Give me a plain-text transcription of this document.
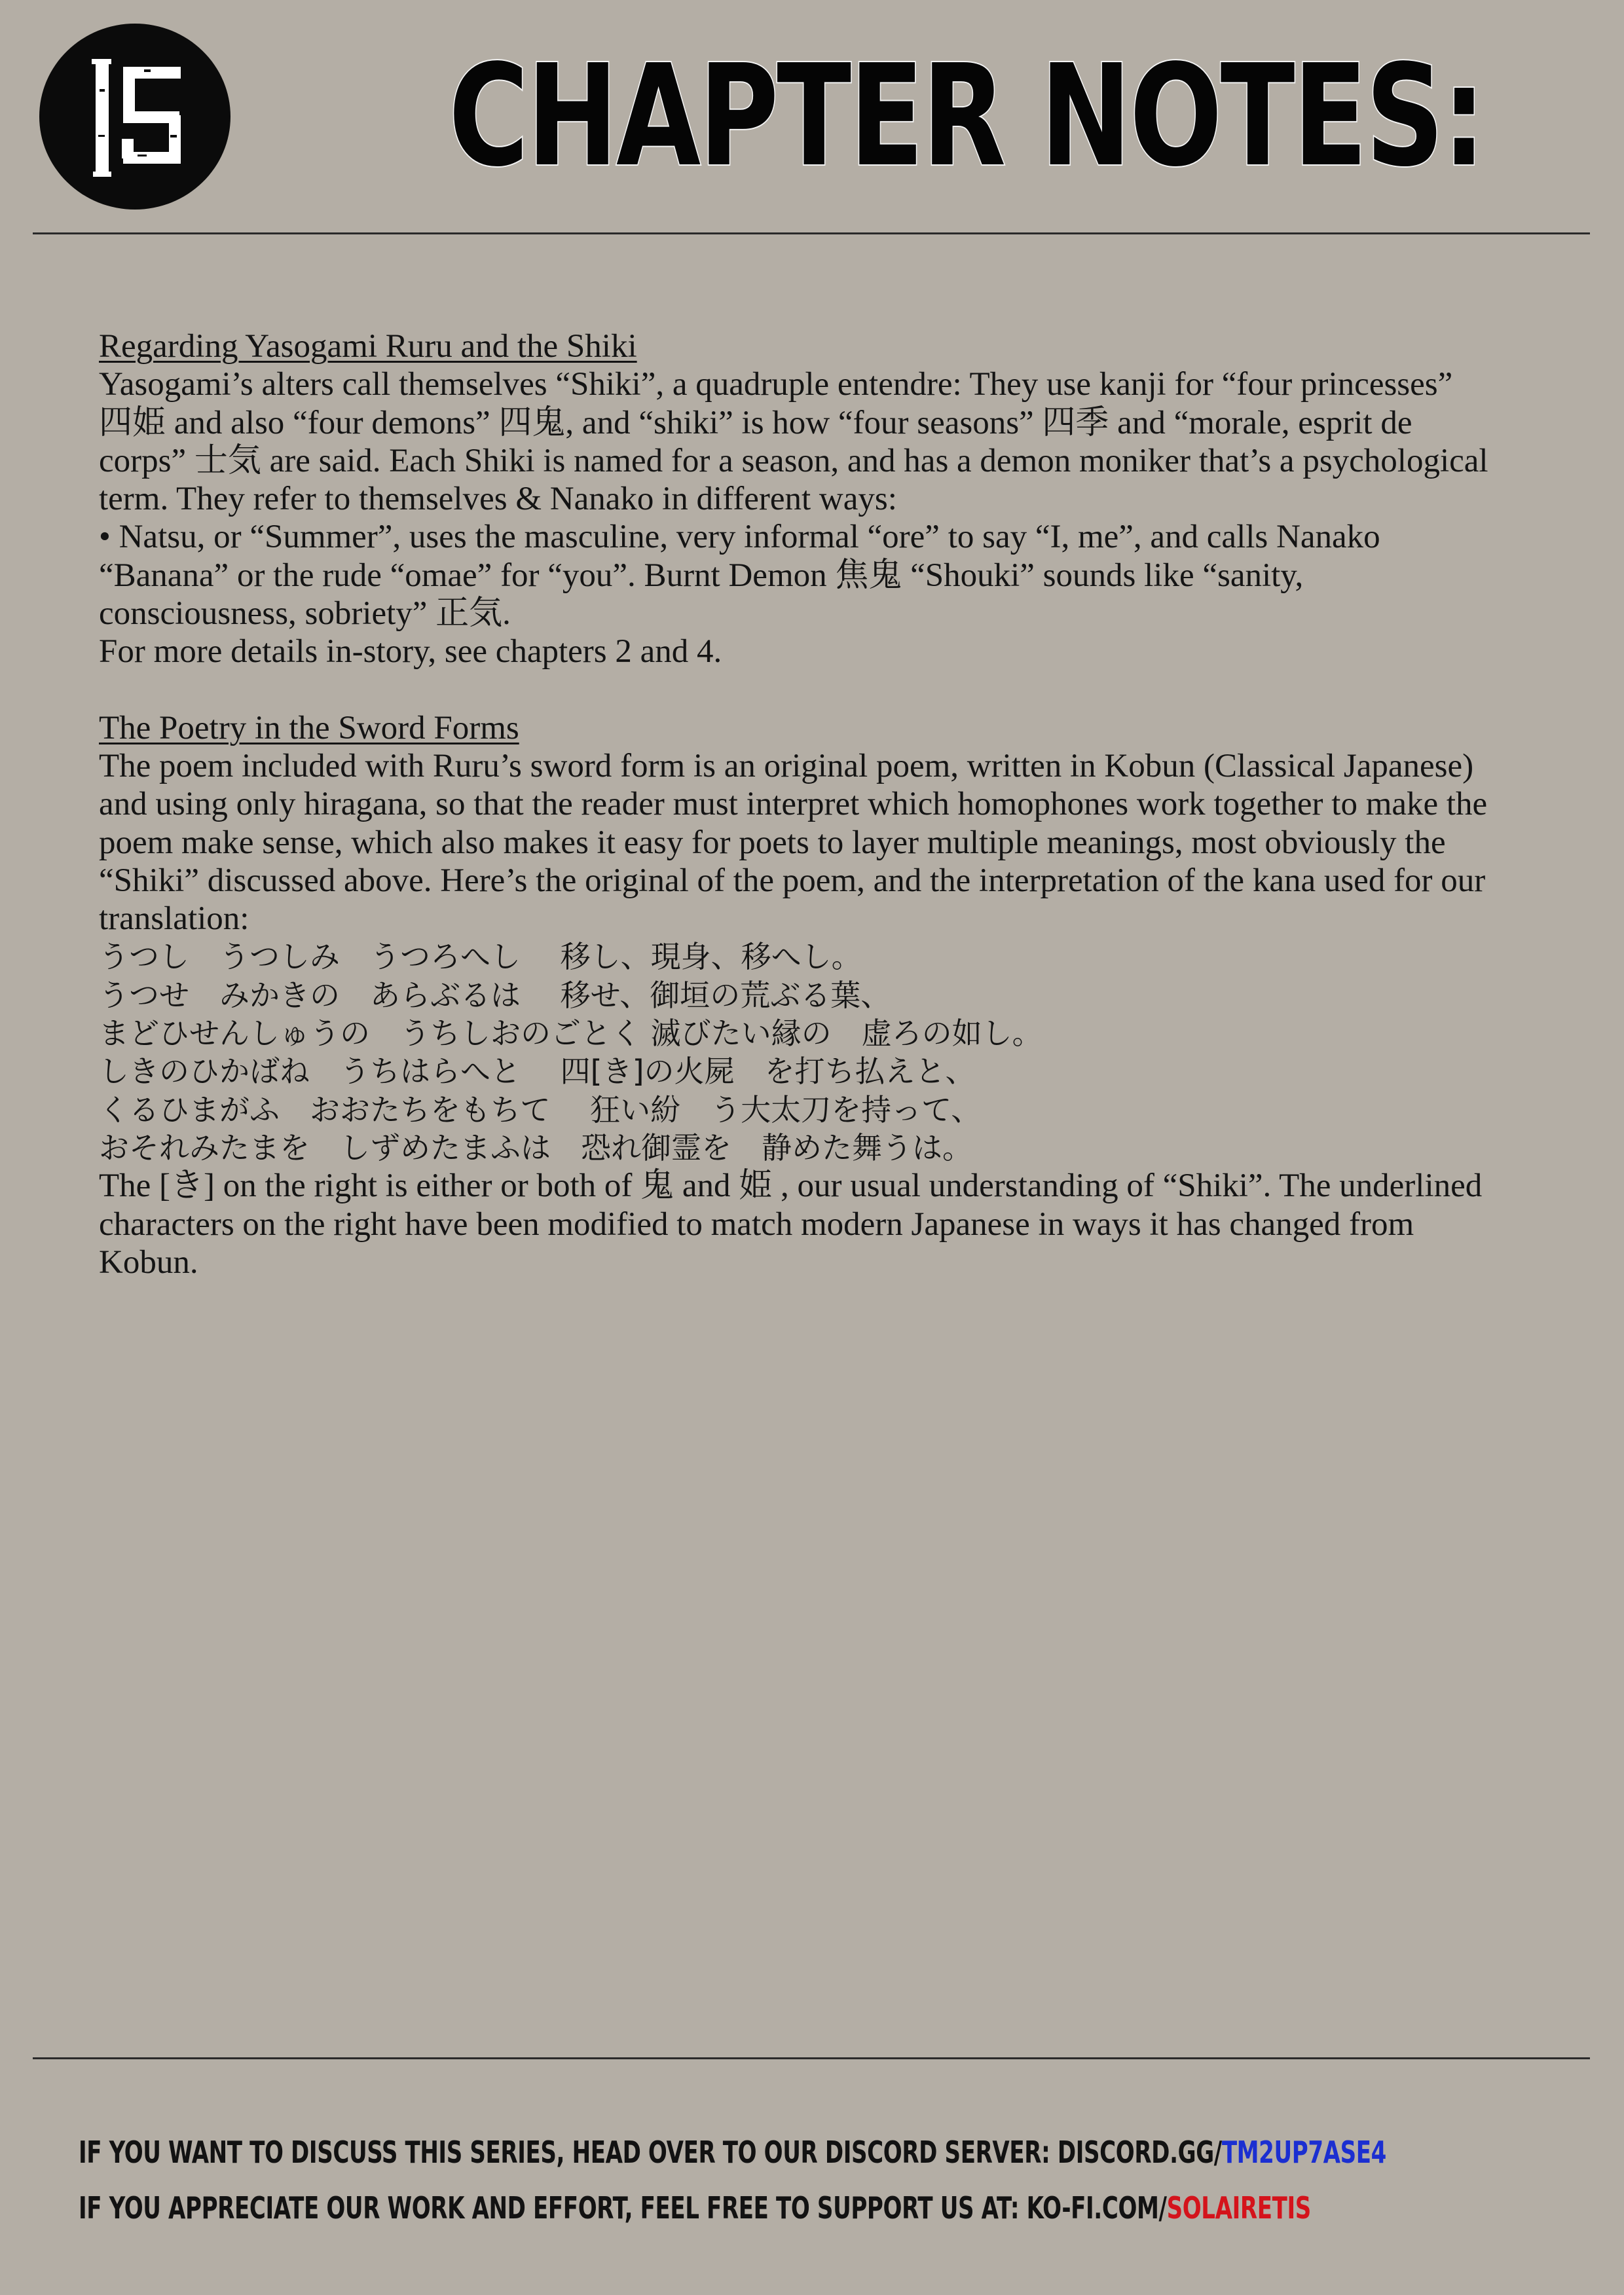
CHAPTER NOTES:
Regarding Yasogami Ruru and the Shiki

Yasogami’s alters call themselves “Shiki”, a quadruple entendre: They use kanji for “four princesses” 四姫 and also “four demons” 四鬼, and “shiki” is how “four seasons” 四季 and “morale, esprit de corps” 士気 are said. Each Shiki is named for a season, and has a demon moniker that’s a psychological term. They refer to themselves & Nanako in different ways:

• Natsu, or “Summer”, uses the masculine, very informal “ore” to say “I, me”, and calls Nanako “Banana” or the rude “omae” for “you”. Burnt Demon 焦鬼 “Shouki” sounds like “sanity, consciousness, sobriety” 正気.

For more details in-story, see chapters 2 and 4.

The Poetry in the Sword Forms

The poem included with Ruru’s sword form is an original poem, written in Kobun (Classical Japanese) and using only hiragana, so that the reader must interpret which homophones work together to make the poem make sense, which also makes it easy for poets to layer multiple meanings, most obviously the “Shiki” discussed above. Here’s the original of the poem, and the interpretation of the kana used for our translation:

うつし　うつしみ　うつろへし　 移し、現身、移へし。

うつせ　みかきの　あらぶるは　 移せ、御垣の荒ぶる葉、

まどひせんしゅうの　うちしおのごとく 滅びたい縁の　虚ろの如し。

しきのひかばね　うちはらへと　 四[き]の火屍　を打ち払えと、

くるひまがふ　おおたちをもちて　 狂い紛　う大太刀を持って、

おそれみたまを　しずめたまふは　恐れ御霊を　静めた舞うは。

The [き] on the right is either or both of 鬼 and 姫 , our usual understanding of “Shiki”. The underlined characters on the right have been modified to match modern Japanese in ways it has changed from Kobun.

IF YOU WANT TO DISCUSS THIS SERIES, HEAD OVER TO OUR DISCORD SERVER: DISCORD.GG/TM2UP7ASE4
IF YOU APPRECIATE OUR WORK AND EFFORT, FEEL FREE TO SUPPORT US AT: KO-FI.COM/SOLAIRETIS
